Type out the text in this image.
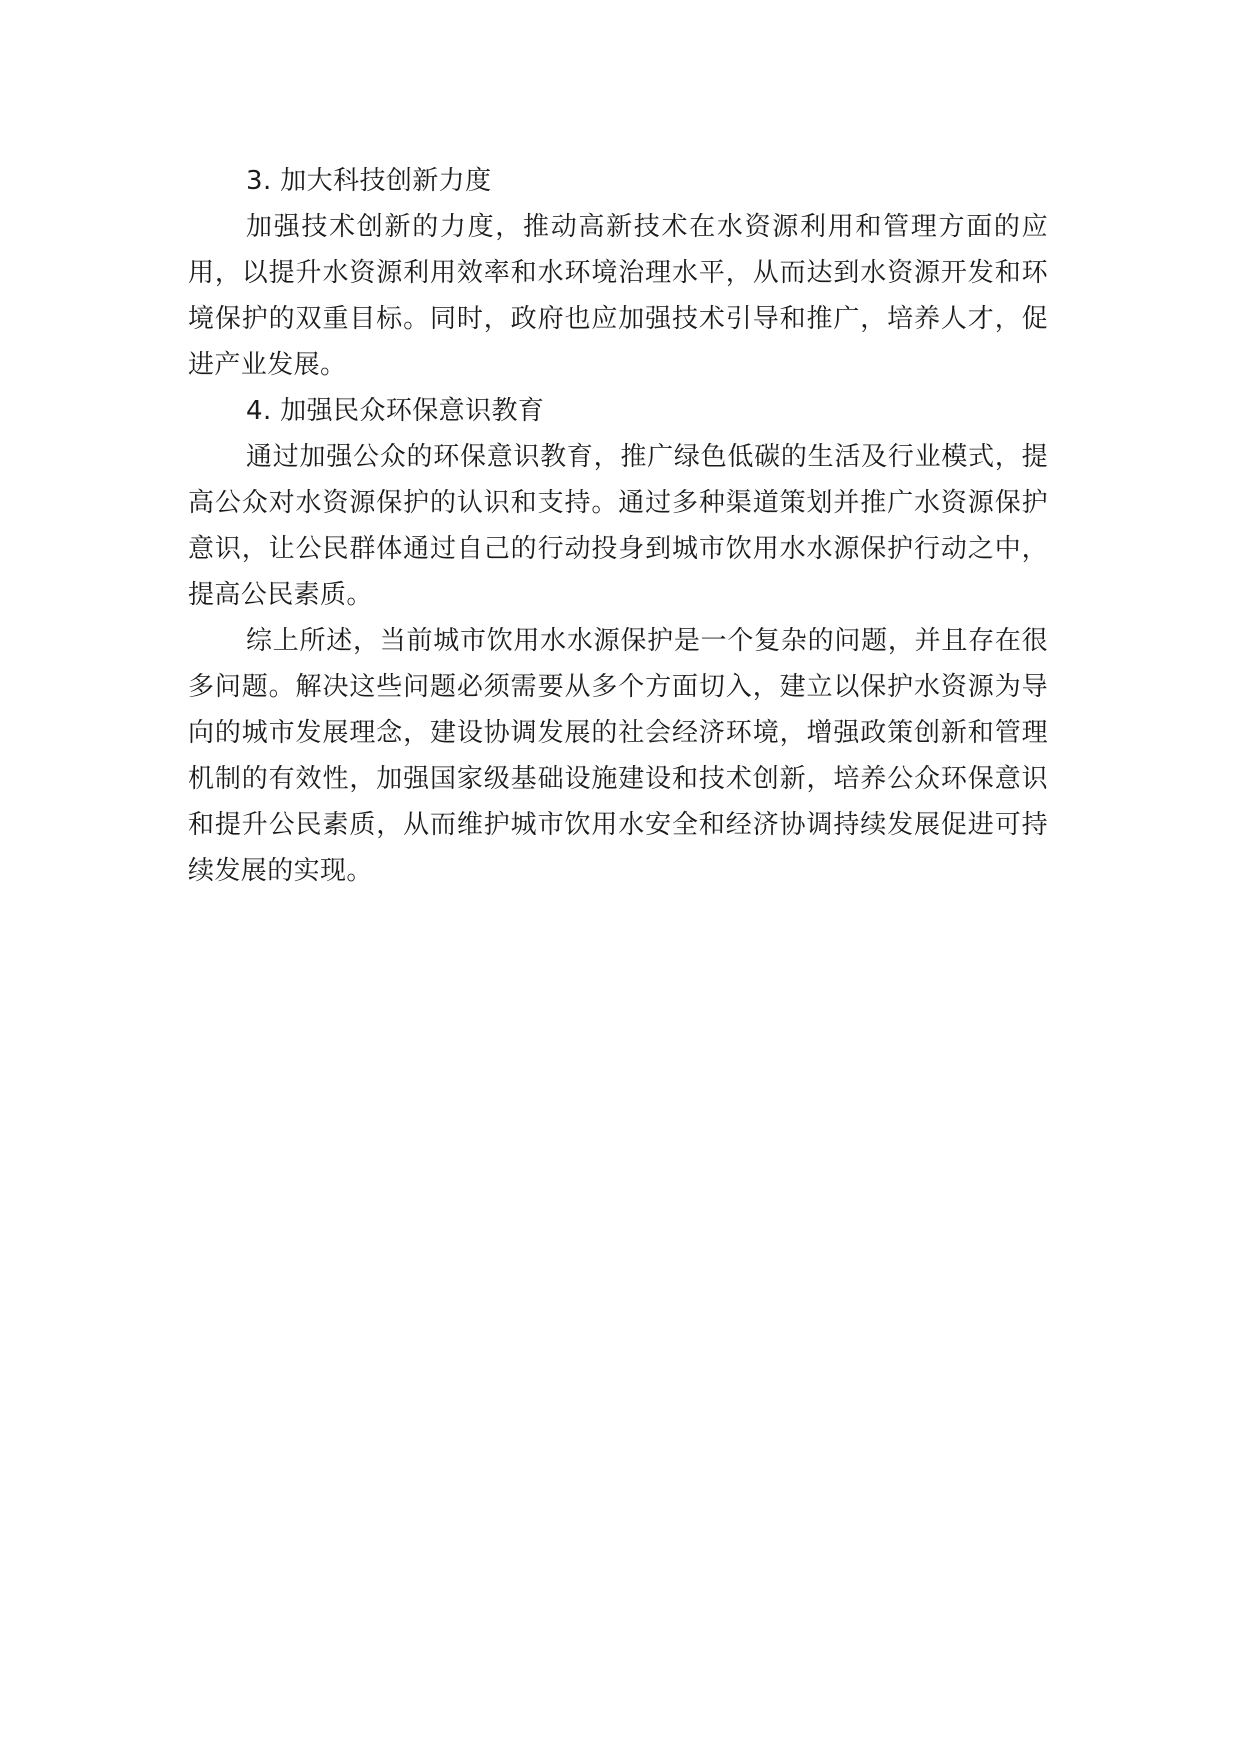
3. 加大科技创新力度

加强技术创新的力度，推动高新技术在水资源利用和管理方面的应用，以提升水资源利用效率和水环境治理水平，从而达到水资源开发和环境保护的双重目标。同时，政府也应加强技术引导和推广，培养人才，促进产业发展。

4. 加强民众环保意识教育

通过加强公众的环保意识教育，推广绿色低碳的生活及行业模式，提高公众对水资源保护的认识和支持。通过多种渠道策划并推广水资源保护意识，让公民群体通过自己的行动投身到城市饮用水水源保护行动之中，提高公民素质。

综上所述，当前城市饮用水水源保护是一个复杂的问题，并且存在很多问题。解决这些问题必须需要从多个方面切入，建立以保护水资源为导向的城市发展理念，建设协调发展的社会经济环境，增强政策创新和管理机制的有效性，加强国家级基础设施建设和技术创新，培养公众环保意识和提升公民素质，从而维护城市饮用水安全和经济协调持续发展促进可持续发展的实现。
